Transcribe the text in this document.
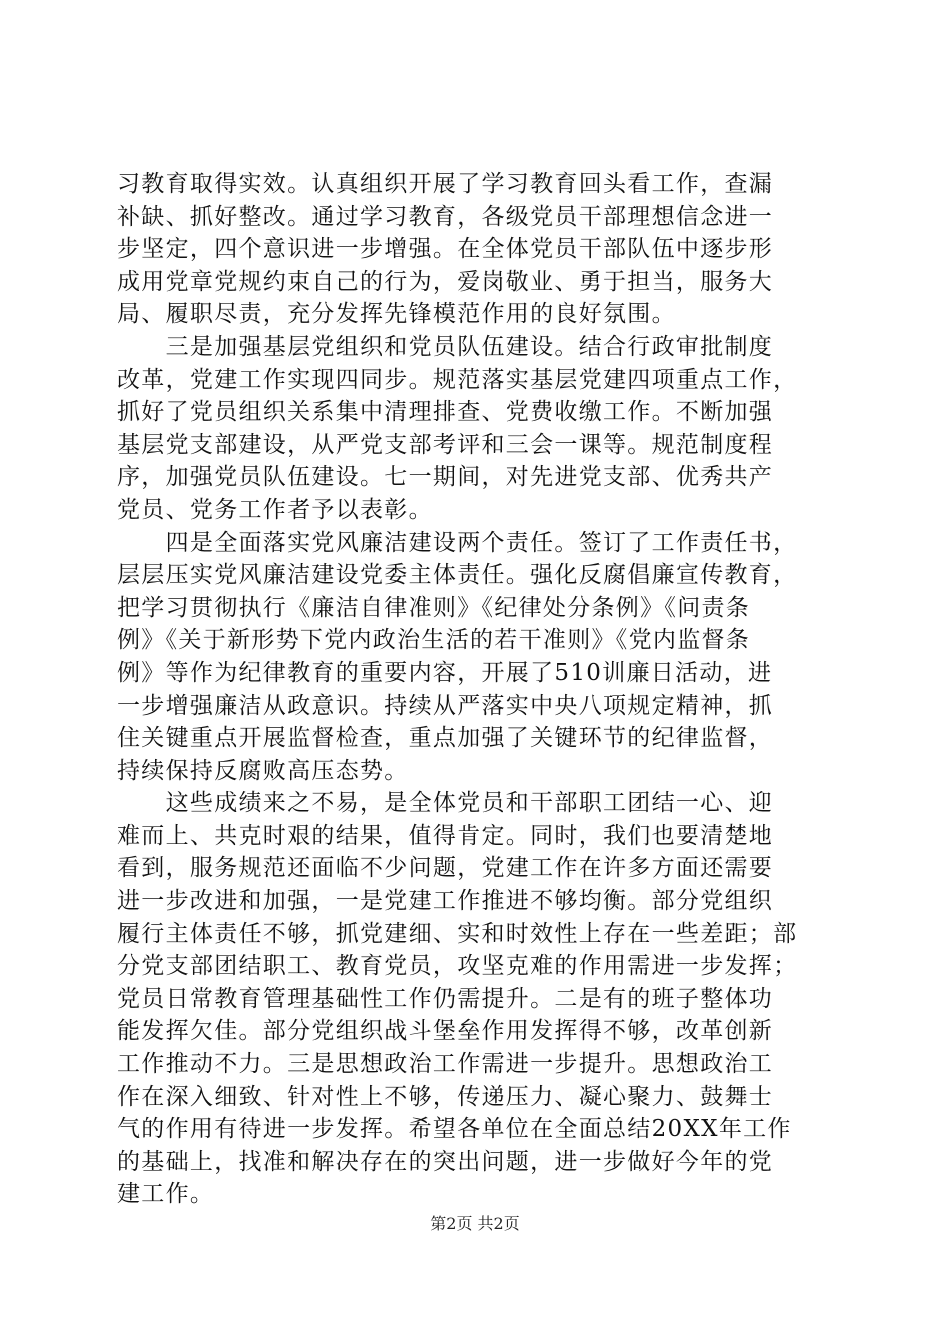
习教育取得实效。认真组织开展了学习教育回头看工作，查漏
补缺、抓好整改。通过学习教育，各级党员干部理想信念进一
步坚定，四个意识进一步增强。在全体党员干部队伍中逐步形
成用党章党规约束自己的行为，爱岗敬业、勇于担当，服务大
局、履职尽责，充分发挥先锋模范作用的良好氛围。
　　三是加强基层党组织和党员队伍建设。结合行政审批制度
改革，党建工作实现四同步。规范落实基层党建四项重点工作，
抓好了党员组织关系集中清理排查、党费收缴工作。不断加强
基层党支部建设，从严党支部考评和三会一课等。规范制度程
序，加强党员队伍建设。七一期间，对先进党支部、优秀共产
党员、党务工作者予以表彰。
　　四是全面落实党风廉洁建设两个责任。签订了工作责任书，
层层压实党风廉洁建设党委主体责任。强化反腐倡廉宣传教育，
把学习贯彻执行《廉洁自律准则》《纪律处分条例》《问责条
例》《关于新形势下党内政治生活的若干准则》《党内监督条
例》等作为纪律教育的重要内容，开展了510训廉日活动，进
一步增强廉洁从政意识。持续从严落实中央八项规定精神，抓
住关键重点开展监督检查，重点加强了关键环节的纪律监督，
持续保持反腐败高压态势。
　　这些成绩来之不易，是全体党员和干部职工团结一心、迎
难而上、共克时艰的结果，值得肯定。同时，我们也要清楚地
看到，服务规范还面临不少问题，党建工作在许多方面还需要
进一步改进和加强，一是党建工作推进不够均衡。部分党组织
履行主体责任不够，抓党建细、实和时效性上存在一些差距；部
分党支部团结职工、教育党员，攻坚克难的作用需进一步发挥；
党员日常教育管理基础性工作仍需提升。二是有的班子整体功
能发挥欠佳。部分党组织战斗堡垒作用发挥得不够，改革创新
工作推动不力。三是思想政治工作需进一步提升。思想政治工
作在深入细致、针对性上不够，传递压力、凝心聚力、鼓舞士
气的作用有待进一步发挥。希望各单位在全面总结20XX年工作
的基础上，找准和解决存在的突出问题，进一步做好今年的党
建工作。
第2页 共2页
